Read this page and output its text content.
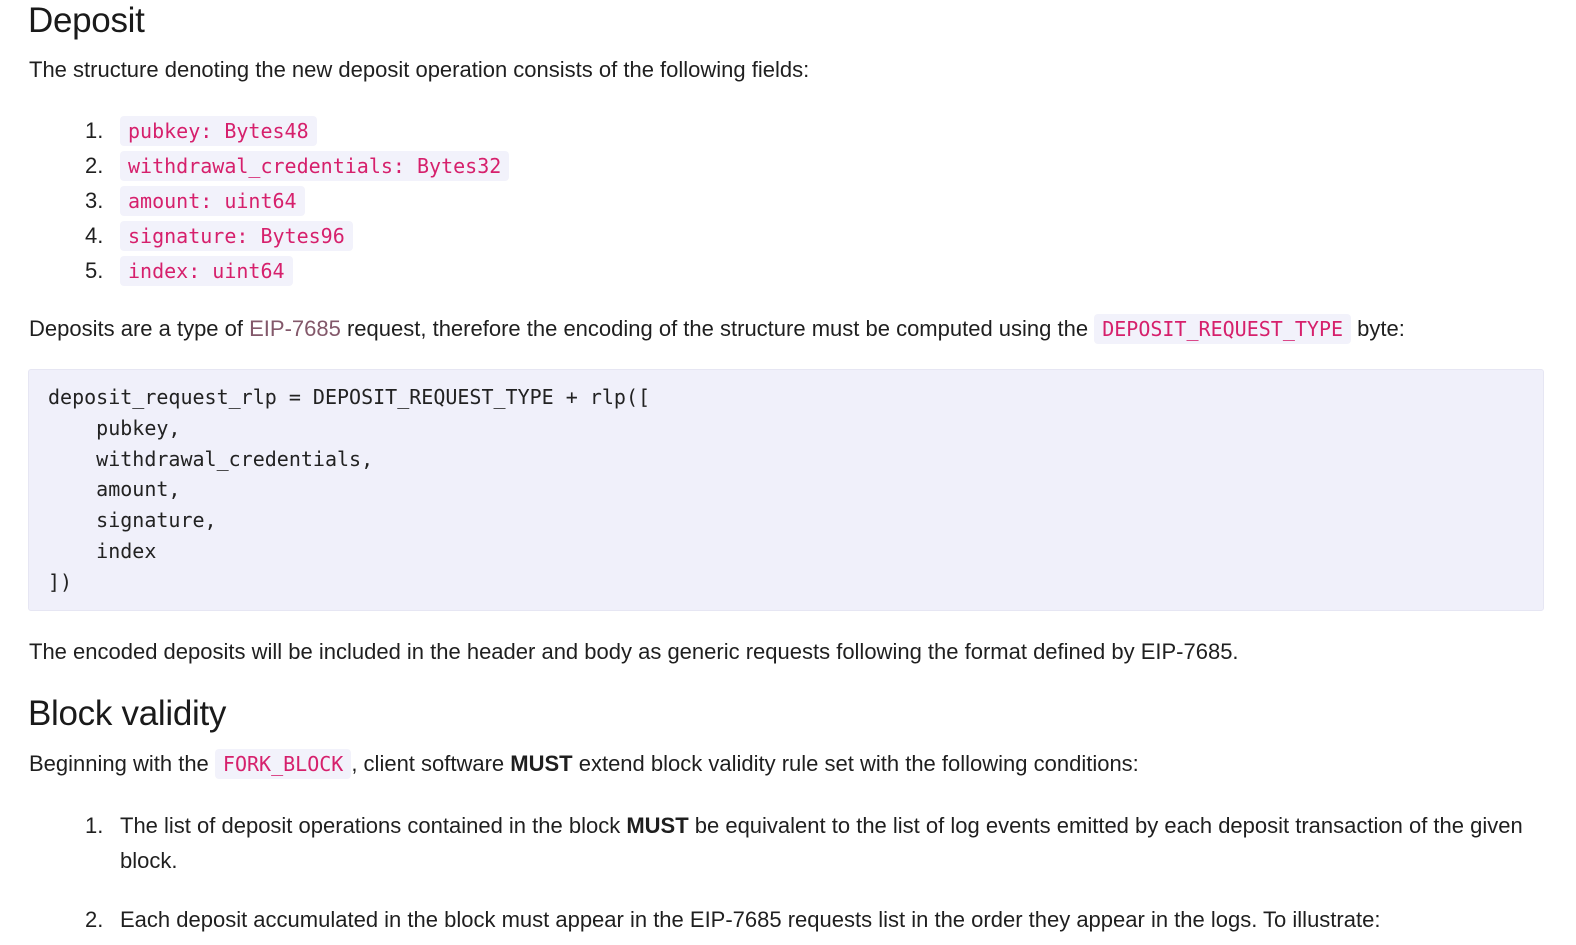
Deposit

The structure denoting the new deposit operation consists of the following fields:

1.	pubkey: Bytes48
2.	withdrawal_credentials: Bytes32
3.	amount: uint64
4.	signature: Bytes96
5.	index: uint64

Deposits are a type of EIP-7685 request, therefore the encoding of the structure must be computed using the DEPOSIT_REQUEST_TYPE byte:

deposit_request_rlp = DEPOSIT_REQUEST_TYPE + rlp([
pubkey,
withdrawal_credentials,
amount,
signature,
index
])

The encoded deposits will be included in the header and body as generic requests following the format defined by EIP-7685.

Block validity

Beginning with the FORK_BLOCK , client software MUST extend block validity rule set with the following conditions:

1. The list of deposit operations contained in the block MUST be equivalent to the list of log events emitted by each deposit transaction of the given block.
2. Each deposit accumulated in the block must appear in the EIP-7685 requests list in the order they appear in the logs. To illustrate:
